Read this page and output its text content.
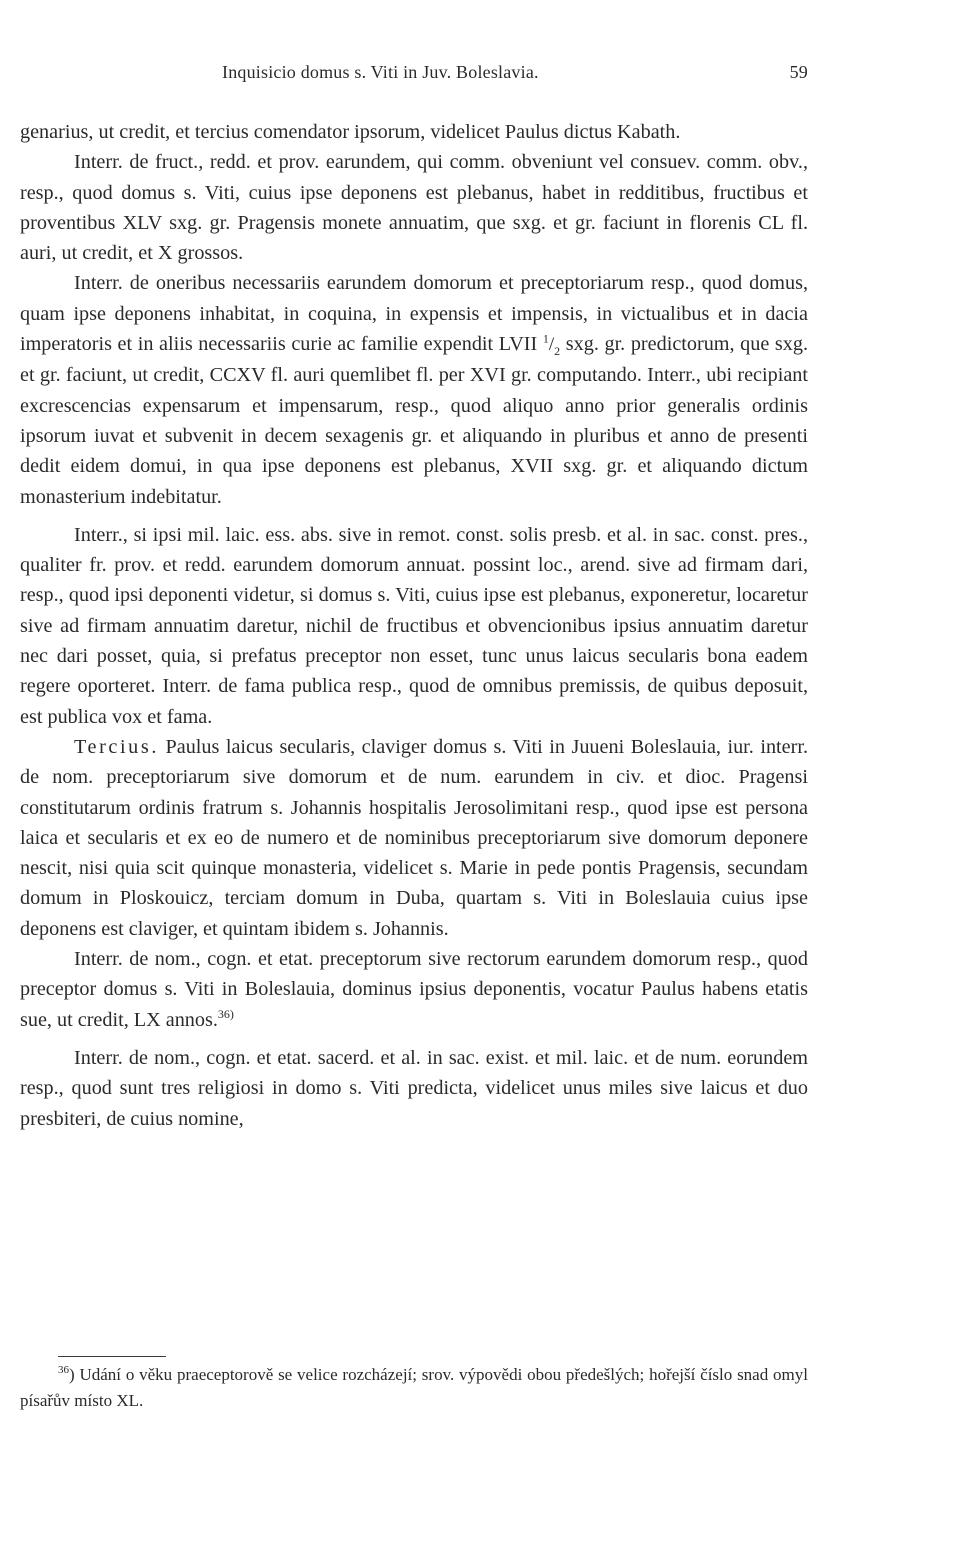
Inquisicio domus s. Viti in Juv. Boleslavia.	59

genarius, ut credit, et tercius comendator ipsorum, videlicet Paulus dictus Kabath.

Interr. de fruct., redd. et prov. earundem, qui comm. obveniunt vel consuev. comm. obv., resp., quod domus s. Viti, cuius ipse deponens est plebanus, habet in redditibus, fructibus et proventibus XLV sxg. gr. Pragensis monete annuatim, que sxg. et gr. faciunt in florenis CL fl. auri, ut credit, et X grossos.

Interr. de oneribus necessariis earundem domorum et preceptoriarum resp., quod domus, quam ipse deponens inhabitat, in coquina, in expensis et impensis, in victualibus et in dacia imperatoris et in aliis necessariis curie ac familie expendit LVII $^1/_2$ sxg. gr. predictorum, que sxg. et gr. faciunt, ut credit, CCXV fl. auri quemlibet fl. per XVI gr. computando. Interr., ubi recipiant excrescencias expensarum et impensarum, resp., quod aliquo anno prior generalis ordinis ipsorum iuvat et subvenit in decem sexagenis gr. et aliquando in pluribus et anno de presenti dedit eidem domui, in qua ipse deponens est plebanus, XVII sxg. gr. et aliquando dictum monasterium indebitatur.

Interr., si ipsi mil. laic. ess. abs. sive in remot. const. solis presb. et al. in sac. const. pres., qualiter fr. prov. et redd. earundem domorum annuat. possint loc., arend. sive ad firmam dari, resp., quod ipsi deponenti videtur, si domus s. Viti, cuius ipse est plebanus, exponeretur, locaretur sive ad firmam annuatim daretur, nichil de fructibus et obvencionibus ipsius annuatim daretur nec dari posset, quia, si prefatus preceptor non esset, tunc unus laicus secularis bona eadem regere oporteret. Interr. de fama publica resp., quod de omnibus premissis, de quibus deposuit, est publica vox et fama.

Tercius. Paulus laicus secularis, claviger domus s. Viti in Juueni Boleslauia, iur. interr. de nom. preceptoriarum sive domorum et de num. earundem in civ. et dioc. Pragensi constitutarum ordinis fratrum s. Johannis hospitalis Jerosolimitani resp., quod ipse est persona laica et secularis et ex eo de numero et de nominibus preceptoriarum sive domorum deponere nescit, nisi quia scit quinque monasteria, videlicet s. Marie in pede pontis Pragensis, secundam domum in Ploskouicz, terciam domum in Duba, quartam s. Viti in Boleslauia cuius ipse deponens est claviger, et quintam ibidem s. Johannis.

Interr. de nom., cogn. et etat. preceptorum sive rectorum earundem domorum resp., quod preceptor domus s. Viti in Boleslauia, dominus ipsius deponentis, vocatur Paulus habens etatis sue, ut credit, LX annos.$^{36)}$

Interr. de nom., cogn. et etat. sacerd. et al. in sac. exist. et mil. laic. et de num. eorundem resp., quod sunt tres religiosi in domo s. Viti predicta, videlicet unus miles sive laicus et duo presbiteri, de cuius nomine,

$^{36}$) Udání o věku praeceptorově se velice rozcházejí; srov. výpovědi obou předešlých; hořejší číslo snad omyl písařův místo XL.
